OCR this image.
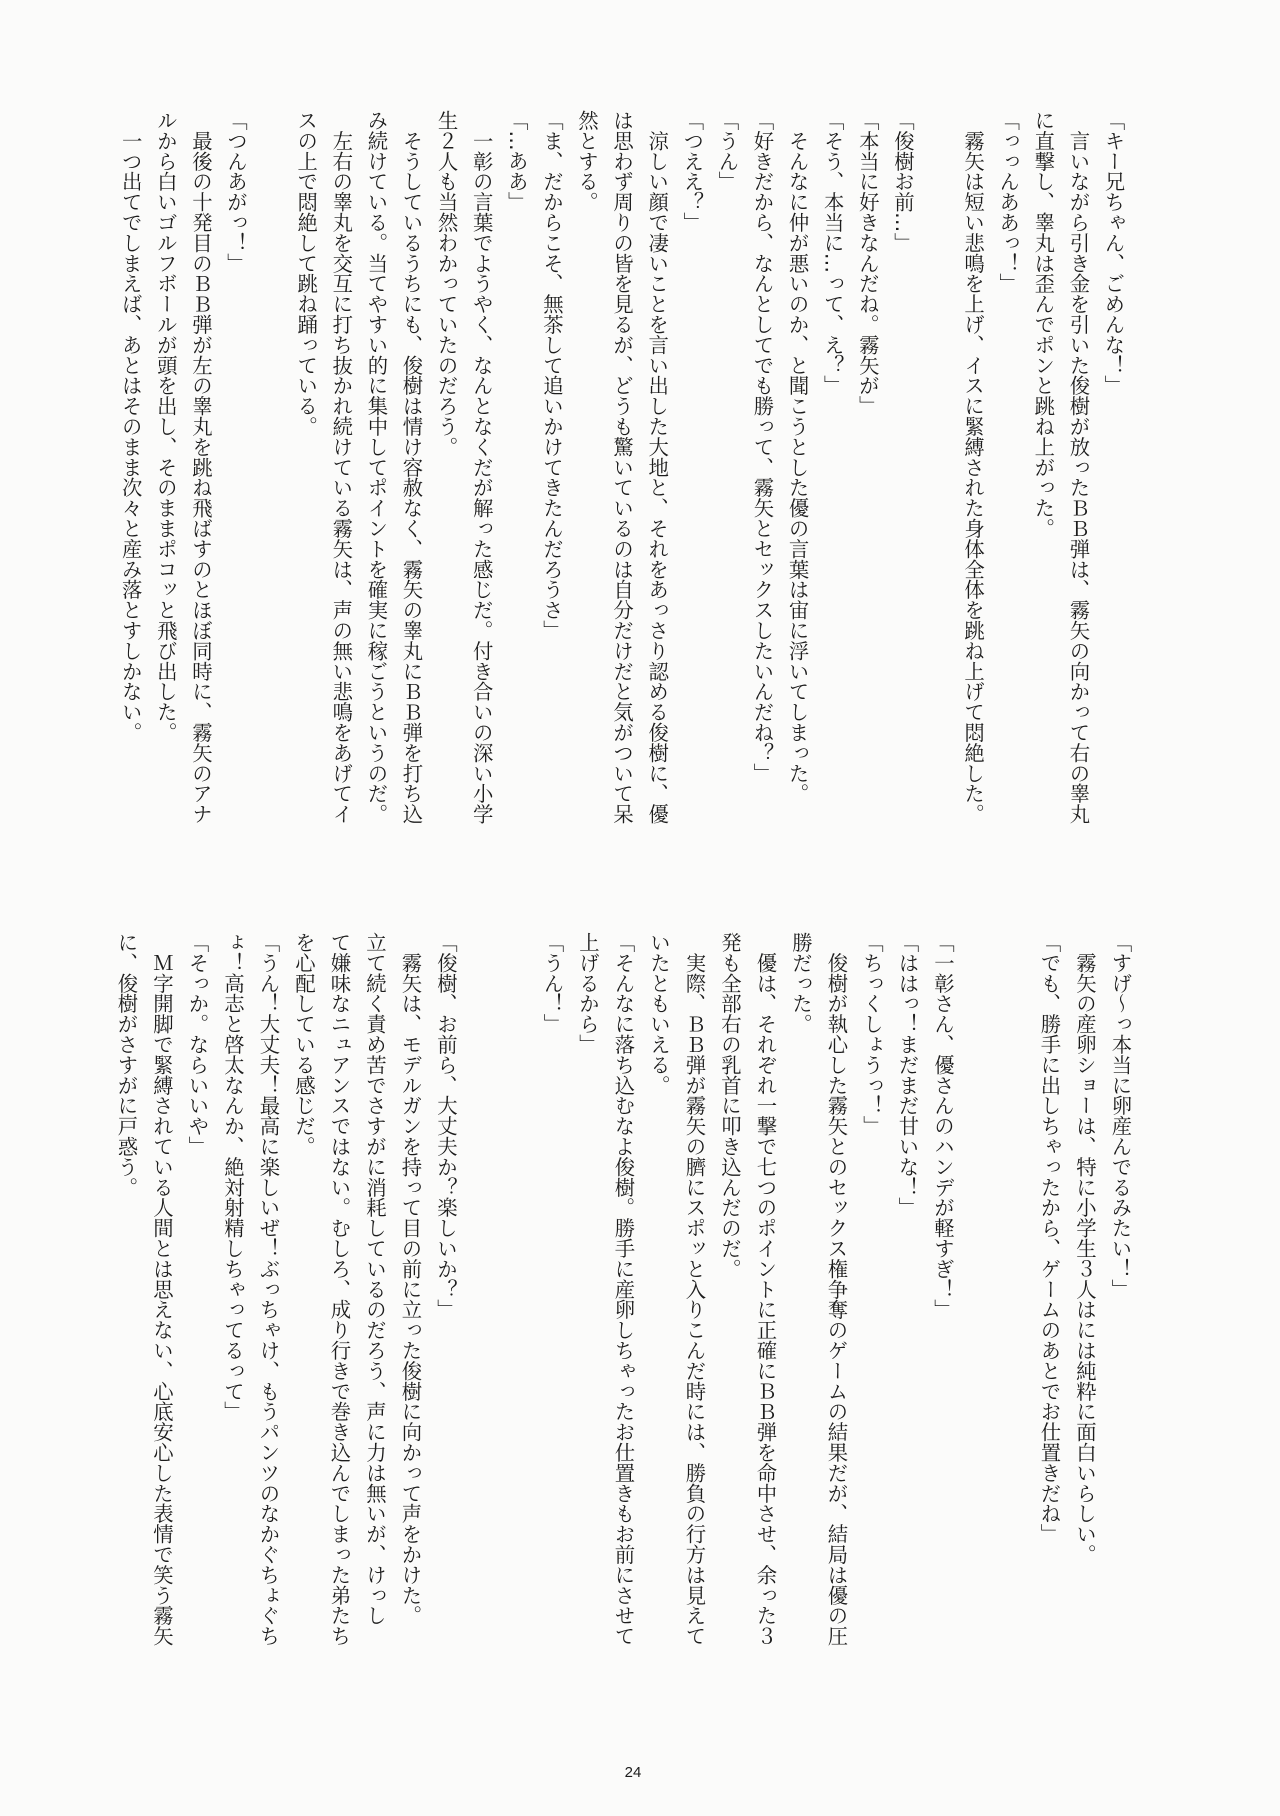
「キー兄ちゃん、ごめんな！」
　言いながら引き金を引いた俊樹が放ったＢＢ弾は、霧矢の向かって右の睾丸
に直撃し、睾丸は歪んでポンと跳ね上がった。
「っっんああっ！」
　霧矢は短い悲鳴を上げ、イスに緊縛された身体全体を跳ね上げて悶絶した。
「俊樹お前…」
「本当に好きなんだね。霧矢が」
「そう、本当に…って、え？」
　そんなに仲が悪いのか、と聞こうとした優の言葉は宙に浮いてしまった。
「好きだから、なんとしてでも勝って、霧矢とセックスしたいんだね？」
「うん」
「つええ？」
　涼しい顔で凄いことを言い出した大地と、それをあっさり認める俊樹に、優
は思わず周りの皆を見るが、どうも驚いているのは自分だけだと気がついて呆
然とする。
「ま、だからこそ、無茶して追いかけてきたんだろうさ」
「…ああ」
　一彰の言葉でようやく、なんとなくだが解った感じだ。付き合いの深い小学
生２人も当然わかっていたのだろう。
　そうしているうちにも、俊樹は情け容赦なく、霧矢の睾丸にＢＢ弾を打ち込
み続けている。当てやすい的に集中してポイントを確実に稼ごうというのだ。
　左右の睾丸を交互に打ち抜かれ続けている霧矢は、声の無い悲鳴をあげてイ
スの上で悶絶して跳ね踊っている。
「つんあがっ！」
　最後の十発目のＢＢ弾が左の睾丸を跳ね飛ばすのとほぼ同時に、霧矢のアナ
ルから白いゴルフボールが頭を出し、そのままポコッと飛び出した。
　一つ出てでしまえば、あとはそのまま次々と産み落とすしかない。
「すげ～っ本当に卵産んでるみたい！」
　霧矢の産卵ショーは、特に小学生３人はには純粋に面白いらしい。
「でも、勝手に出しちゃったから、ゲームのあとでお仕置きだね」
「一彰さん、優さんのハンデが軽すぎ！」
「ははっ！まだまだ甘いな！」
「ちっくしょうっ！」
　俊樹が執心した霧矢とのセックス権争奪のゲームの結果だが、結局は優の圧
勝だった。
　優は、それぞれ一撃で七つのポイントに正確にＢＢ弾を命中させ、余った３
発も全部右の乳首に叩き込んだのだ。
　実際、ＢＢ弾が霧矢の臍にスポッと入りこんだ時には、勝負の行方は見えて
いたともいえる。
「そんなに落ち込むなよ俊樹。勝手に産卵しちゃったお仕置きもお前にさせて
上げるから」
「うん！」
「俊樹、お前ら、大丈夫か？楽しいか？」
　霧矢は、モデルガンを持って目の前に立った俊樹に向かって声をかけた。
立て続く責め苦でさすがに消耗しているのだろう、声に力は無いが、けっし
て嫌味なニュアンスではない。むしろ、成り行きで巻き込んでしまった弟たち
を心配している感じだ。
「うん！大丈夫！最高に楽しいぜ！ぶっちゃけ、もうパンツのなかぐちょぐち
ょ！高志と啓太なんか、絶対射精しちゃってるって」
「そっか。ならいいや」
　Ｍ字開脚で緊縛されている人間とは思えない、心底安心した表情で笑う霧矢
に、俊樹がさすがに戸惑う。
24
